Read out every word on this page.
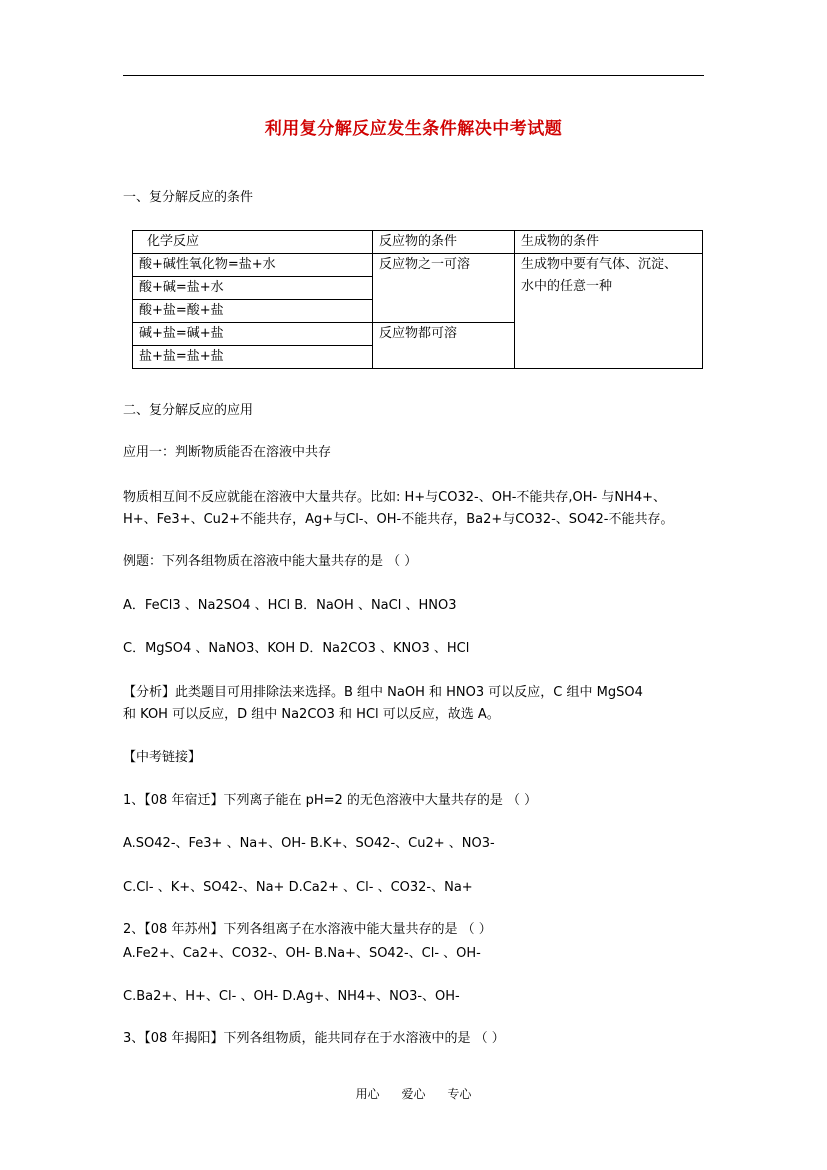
利用复分解反应发生条件解决中考试题
一、复分解反应的条件
化学反应	反应物的条件	生成物的条件
酸+碱性氧化物=盐+水	反应物之一可溶	生成物中要有气体、沉淀、
水中的任意一种

酸+碱=盐+水		
酸+盐=酸+盐		
碱+盐=碱+盐	反应物都可溶	
盐+盐=盐+盐		
二、复分解反应的应用
应用一：判断物质能否在溶液中共存
物质相互间不反应就能在溶液中大量共存。比如: H+与CO32-、OH-不能共存,OH- 与NH4+、
H+、Fe3+、Cu2+不能共存，Ag+与Cl-、OH-不能共存，Ba2+与CO32-、SO42-不能共存。
例题：下列各组物质在溶液中能大量共存的是 （ ）
A．FeCl3 、Na2SO4 、HCl B．NaOH 、NaCl 、HNO3
C．MgSO4 、NaNO3、KOH D．Na2CO3 、KNO3 、HCl
【分析】此类题目可用排除法来选择。B 组中 NaOH 和 HNO3 可以反应，C 组中 MgSO4
和 KOH 可以反应，D 组中 Na2CO3 和 HCl 可以反应，故选 A。
【中考链接】
1、【08 年宿迁】下列离子能在 pH=2 的无色溶液中大量共存的是 （ ）
A.SO42-、Fe3+ 、Na+、OH- B.K+、SO42-、Cu2+ 、NO3-
C.Cl- 、K+、SO42-、Na+ D.Ca2+ 、Cl- 、CO32-、Na+
2、【08 年苏州】下列各组离子在水溶液中能大量共存的是 （ ）
A.Fe2+、Ca2+、CO32-、OH- B.Na+、SO42-、Cl- 、OH-
C.Ba2+、H+、Cl- 、OH- D.Ag+、NH4+、NO3-、OH-
3、【08 年揭阳】下列各组物质，能共同存在于水溶液中的是 （ ）
用心 爱心 专心
